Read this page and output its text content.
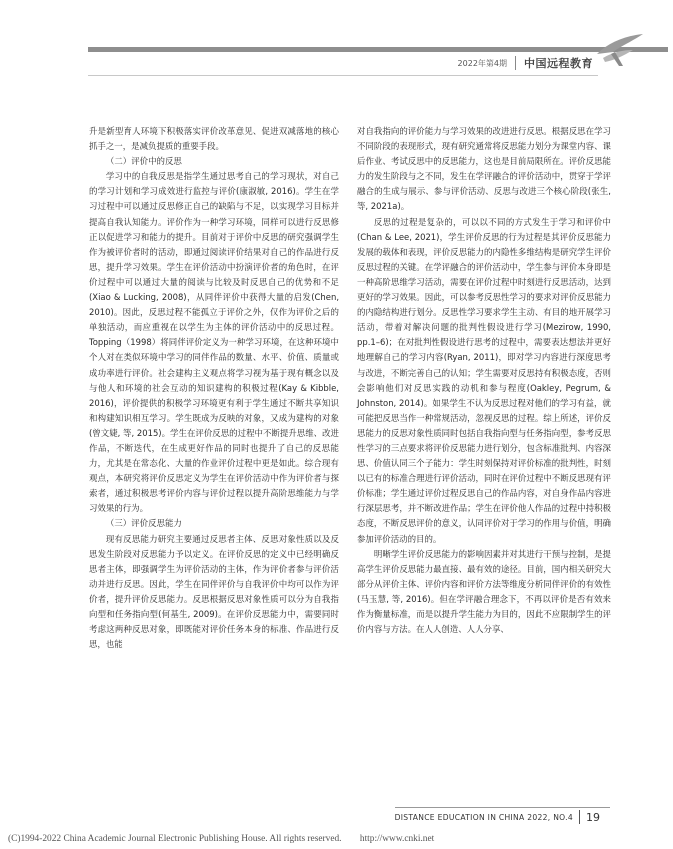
2022年第4期 中国远程教育

升是新型育人环境下积极落实评价改革意见、促进双减落地的核心抓手之一，是减负提质的重要手段。

（二）评价中的反思

学习中的自我反思是指学生通过思考自己的学习现状，对自己的学习计划和学习成效进行监控与评价(康淑敏, 2016)。学生在学习过程中可以通过反思修正自己的缺陷与不足，以实现学习目标并提高自我认知能力。评价作为一种学习环境，同样可以进行反思修正以促进学习和能力的提升。目前对于评价中反思的研究强调学生作为被评价者时的活动，即通过阅读评价结果对自己的作品进行反思，提升学习效果。学生在评价活动中扮演评价者的角色时，在评价过程中可以通过大量的阅读与比较及时反思自己的优势和不足(Xiao & Lucking, 2008)，从同伴评价中获得大量的启发(Chen, 2010)。因此，反思过程不能孤立于评价之外，仅作为评价之后的单独活动，而应重视在以学生为主体的评价活动中的反思过程。Topping（1998）将同伴评价定义为一种学习环境，在这种环境中个人对在类似环境中学习的同伴作品的数量、水平、价值、质量或成功率进行评价。社会建构主义观点将学习视为基于现有概念以及与他人和环境的社会互动的知识建构的积极过程(Kay & Kibble, 2016)，评价提供的积极学习环境更有利于学生通过不断共享知识和构建知识相互学习。学生既成为反映的对象，又成为建构的对象(曾文婕, 等, 2015)。学生在评价反思的过程中不断提升思维、改进作品，不断迭代，在生成更好作品的同时也提升了自己的反思能力，尤其是在常态化、大量的作业评价过程中更是如此。综合现有观点，本研究将评价反思定义为学生在评价活动中作为评价者与探索者，通过积极思考评价内容与评价过程以提升高阶思维能力与学习效果的行为。

（三）评价反思能力

现有反思能力研究主要通过反思者主体、反思对象性质以及反思发生阶段对反思能力予以定义。在评价反思的定义中已经明确反思者主体，即强调学生为评价活动的主体，作为评价者参与评价活动并进行反思。因此，学生在同伴评价与自我评价中均可以作为评价者，提升评价反思能力。反思根据反思对象性质可以分为自我指向型和任务指向型(何基生, 2009)。在评价反思能力中，需要同时考虑这两种反思对象，即既能对评价任务本身的标准、作品进行反思，也能

对自我指向的评价能力与学习效果的改进进行反思。根据反思在学习不同阶段的表现形式，现有研究通常将反思能力划分为课堂内容、课后作业、考试反思中的反思能力，这也是目前局限所在。评价反思能力的发生阶段与之不同，发生在学评融合的评价活动中，贯穿于学评融合的生成与展示、参与评价活动、反思与改进三个核心阶段(张生, 等, 2021a)。

反思的过程是复杂的，可以以不同的方式发生于学习和评价中(Chan & Lee, 2021)，学生评价反思的行为过程是其评价反思能力发展的载体和表现，评价反思能力的内隐性多维结构是研究学生评价反思过程的关键。在学评融合的评价活动中，学生参与评价本身即是一种高阶思维学习活动，需要在评价过程中时刻进行反思活动，达到更好的学习效果。因此，可以参考反思性学习的要求对评价反思能力的内隐结构进行划分。反思性学习要求学生主动、有目的地开展学习活动，带着对解决问题的批判性假设进行学习(Mezirow, 1990, pp.1–6)；在对批判性假设进行思考的过程中，需要表达想法并更好地理解自己的学习内容(Ryan, 2011)，即对学习内容进行深度思考与改进，不断完善自己的认知；学生需要对反思持有积极态度，否则会影响他们对反思实践的动机和参与程度(Oakley, Pegrum, & Johnston, 2014)。如果学生不认为反思过程对他们的学习有益，就可能把反思当作一种常规活动，忽视反思的过程。综上所述，评价反思能力的反思对象性质同时包括自我指向型与任务指向型，参考反思性学习的三点要求将评价反思能力进行划分，包含标准批判、内容深思、价值认同三个子能力：学生时刻保持对评价标准的批判性，时刻以已有的标准合理进行评价活动，同时在评价过程中不断反思现有评价标准；学生通过评价过程反思自己的作品内容，对自身作品内容进行深层思考，并不断改进作品；学生在评价他人作品的过程中持积极态度，不断反思评价的意义，认同评价对于学习的作用与价值，明确参加评价活动的目的。

明晰学生评价反思能力的影响因素并对其进行干预与控制，是提高学生评价反思能力最直接、最有效的途径。目前，国内相关研究大部分从评价主体、评价内容和评价方法等维度分析同伴评价的有效性(马玉慧, 等, 2016)。但在学评融合理念下，不再以评价是否有效来作为衡量标准，而是以提升学生能力为目的，因此不应限制学生的评价内容与方法。在人人创造、人人分享、

DISTANCE EDUCATION IN CHINA 2022, NO.4 19
(C)1994-2022 China Academic Journal Electronic Publishing House. All rights reserved. http://www.cnki.net
